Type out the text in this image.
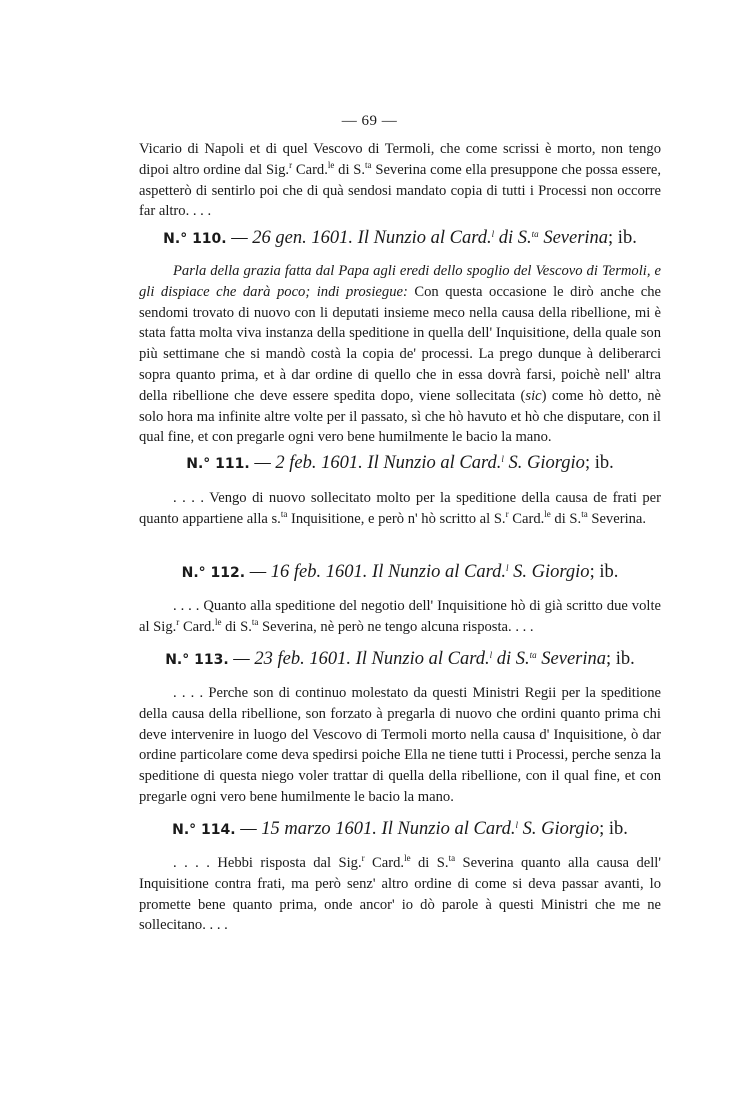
— 69 —

Vicario di Napoli et di quel Vescovo di Termoli, che come scrissi è morto, non tengo dipoi altro ordine dal Sig.$^r$ Card.$^{le}$ di S.$^{ta}$ Severina come ella presuppone che possa essere, aspetterò di sentirlo poi che di quà sendosi mandato copia di tutti i Processi non occorre far altro. . . .

N.° 110. — 26 gen. 1601. Il Nunzio al Card.$^l$ di S.$^{ta}$ Severina; ib.

Parla della grazia fatta dal Papa agli eredi dello spoglio del Vescovo di Termoli, e gli dispiace che darà poco; indi prosiegue: Con questa occasione le dirò anche che sendomi trovato di nuovo con li deputati insieme meco nella causa della ribellione, mi è stata fatta molta viva instanza della speditione in quella dell' Inquisitione, della quale son più settimane che si mandò costà la copia de' processi. La prego dunque à deliberarci sopra quanto prima, et à dar ordine di quello che in essa dovrà farsi, poichè nell' altra della ribellione che deve essere spedita dopo, viene sollecitata (sic) come hò detto, nè solo hora ma infinite altre volte per il passato, sì che hò havuto et hò che disputare, con il qual fine, et con pregarle ogni vero bene humilmente le bacio la mano.

N.° 111. — 2 feb. 1601. Il Nunzio al Card.$^l$ S. Giorgio; ib.

. . . . Vengo di nuovo sollecitato molto per la speditione della causa de frati per quanto appartiene alla s.$^{ta}$ Inquisitione, e però n' hò scritto al S.$^r$ Card.$^{le}$ di S.$^{ta}$ Severina.

N.° 112. — 16 feb. 1601. Il Nunzio al Card.$^l$ S. Giorgio; ib.

. . . . Quanto alla speditione del negotio dell' Inquisitione hò di già scritto due volte al Sig.$^r$ Card.$^{le}$ di S.$^{ta}$ Severina, nè però ne tengo alcuna risposta. . . .

N.° 113. — 23 feb. 1601. Il Nunzio al Card.$^l$ di S.$^{ta}$ Severina; ib.

. . . . Perche son di continuo molestato da questi Ministri Regii per la speditione della causa della ribellione, son forzato à pregarla di nuovo che ordini quanto prima chi deve intervenire in luogo del Vescovo di Termoli morto nella causa d' Inquisitione, ò dar ordine particolare come deva spedirsi poiche Ella ne tiene tutti i Processi, perche senza la speditione di questa niego voler trattar di quella della ribellione, con il qual fine, et con pregarle ogni vero bene humilmente le bacio la mano.

N.° 114. — 15 marzo 1601. Il Nunzio al Card.$^l$ S. Giorgio; ib.

. . . . Hebbi risposta dal Sig.$^r$ Card.$^{le}$ di S.$^{ta}$ Severina quanto alla causa dell' Inquisitione contra frati, ma però senz' altro ordine di come si deva passar avanti, lo promette bene quanto prima, onde ancor' io dò parole à questi Ministri che me ne sollecitano. . . .
